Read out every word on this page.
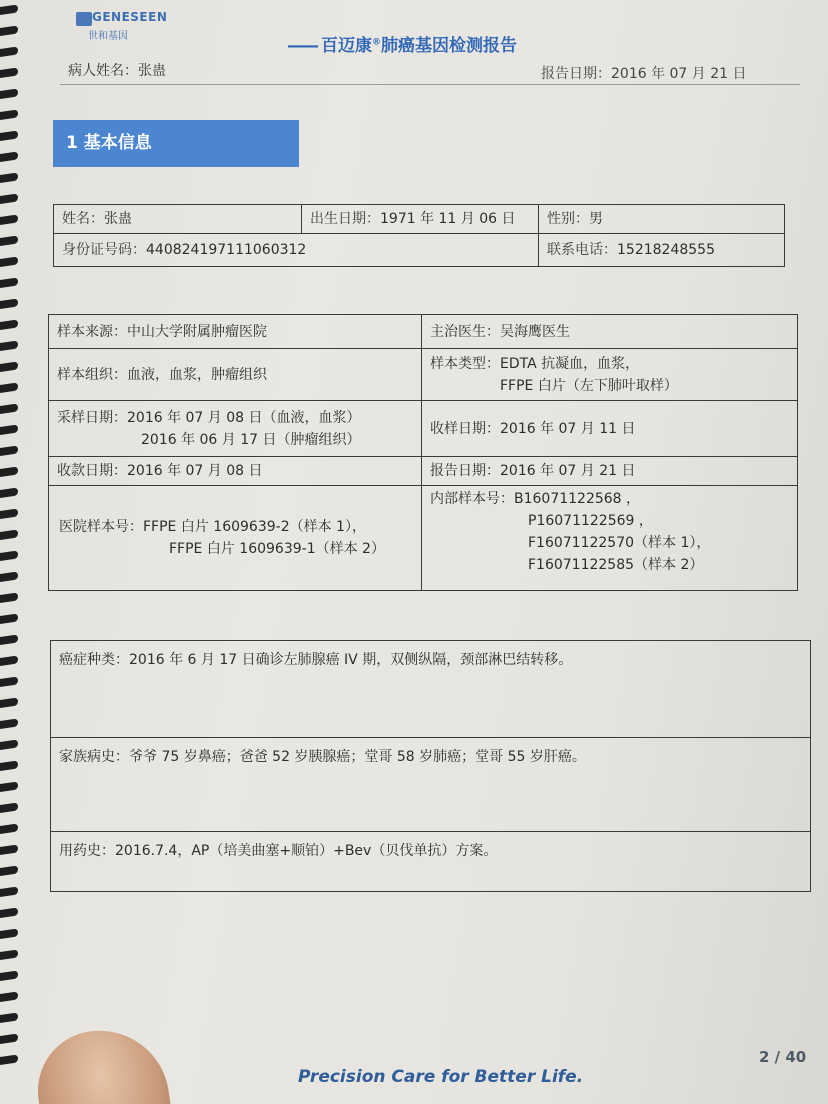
GENESEEN
世和基因	—— 百迈康®肺癌基因检测报告
病人姓名：张蛊	报告日期：2016 年 07 月 21 日
1 基本信息
姓名：张蛊	出生日期：1971 年 11 月 06 日	性别：男
身份证号码：440824197111060312		联系电话：15218248555
样本来源：中山大学附属肿瘤医院	主治医生：吴海鹰医生
样本组织：血液，血浆，肿瘤组织	样本类型：EDTA 抗凝血，血浆，
FFPE 白片（左下肺叶取样）
采样日期：2016 年 07 月 08 日（血液，血浆）
2016 年 06 月 17 日（肿瘤组织）	收样日期：2016 年 07 月 11 日
收款日期：2016 年 07 月 08 日	报告日期：2016 年 07 月 21 日
医院样本号：FFPE 白片 1609639-2（样本 1），
FFPE 白片 1609639-1（样本 2）	内部样本号：B16071122568 ，
P16071122569 ，
F16071122570（样本 1），
F16071122585（样本 2）
癌症种类：2016 年 6 月 17 日确诊左肺腺癌 IV 期，双侧纵隔，颈部淋巴结转移。
家族病史：爷爷 75 岁鼻癌；爸爸 52 岁胰腺癌；堂哥 58 岁肺癌；堂哥 55 岁肝癌。
用药史：2016.7.4，AP（培美曲塞+顺铂）+Bev（贝伐单抗）方案。
2 / 40
Precision Care for Better Life.
